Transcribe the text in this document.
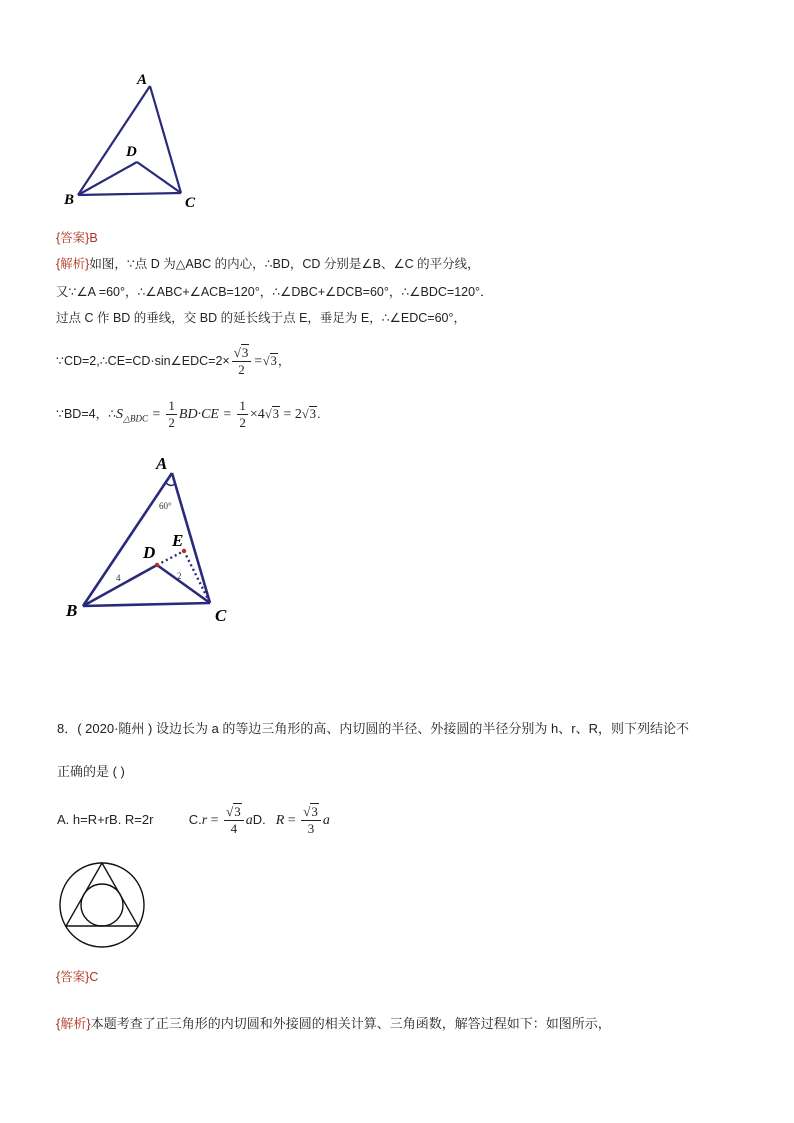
A
D
B	C
{答案}B
{解析}如图，∵点 D 为△ABC 的内心，∴BD，CD 分别是∠B、∠C 的平分线，
又∵∠A =60°，∴∠ABC+∠ACB=120°，∴∠DBC+∠DCB=60°，∴∠BDC=120°．
过点 C 作 BD 的垂线，交 BD 的延长线于点 E，垂足为 E，∴∠EDC=60°，
∵CD=2,∴CE=CD·sin∠EDC=2× $\frac{√3}{2} =√3$，
∵BD=4，$\therefore S_{\triangle BDC} = \frac{1}{2} BD\cdot CE = \frac{1}{2} \times 4√3 = 2√3$.
A
60°
E
D
4	2
B	C
8．( 2020·随州 ) 设边长为 a 的等边三角形的高、内切圆的半径、外接圆的半径分别为 h、r、R，则下列结论不
正确的是 ( )
A. h=R+rB. R=2r	$C.r = \frac{√3}{4}$ aD. $R = \frac{√3}{3}$ a
{答案}C
{解析}本题考查了正三角形的内切圆和外接圆的相关计算、三角函数，解答过程如下：如图所示，
